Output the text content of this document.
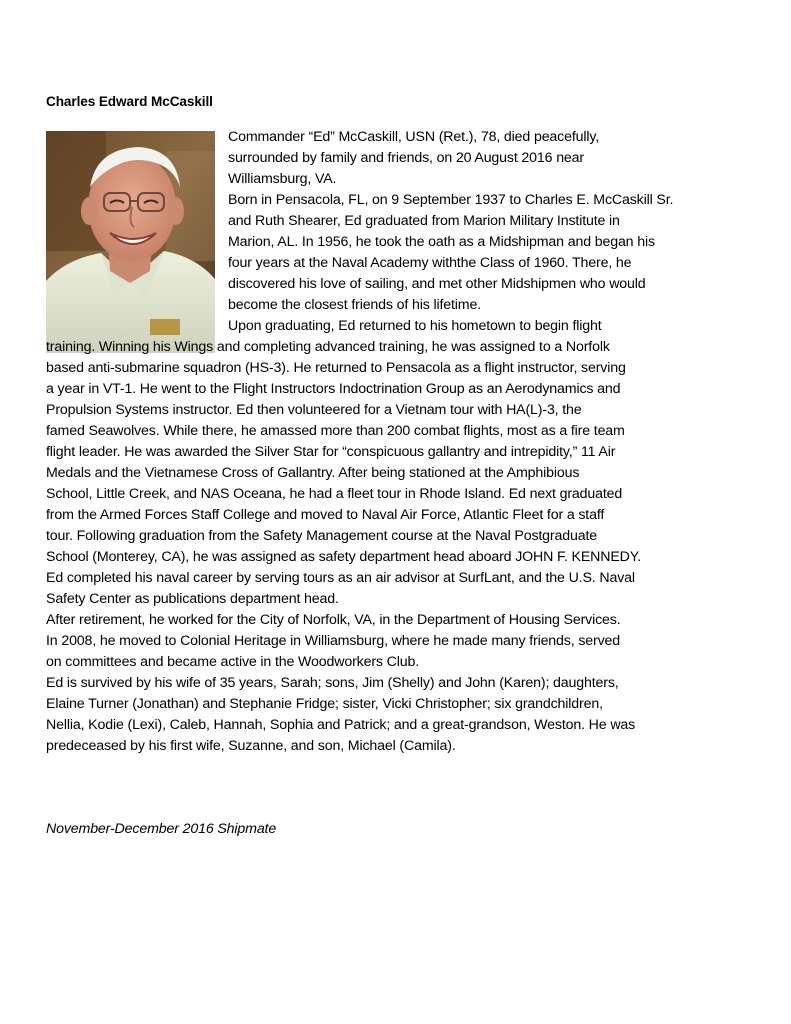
Charles Edward McCaskill

Commander “Ed” McCaskill, USN (Ret.), 78, died peacefully,
surrounded by family and friends, on 20 August 2016 near
Williamsburg, VA.
Born in Pensacola, FL, on 9 September 1937 to Charles E. McCaskill Sr.
and Ruth Shearer, Ed graduated from Marion Military Institute in
Marion, AL. In 1956, he took the oath as a Midshipman and began his
four years at the Naval Academy withthe Class of 1960. There, he
discovered his love of sailing, and met other Midshipmen who would
become the closest friends of his lifetime.
Upon graduating, Ed returned to his hometown to begin flight

training. Winning his Wings and completing advanced training, he was assigned to a Norfolk
based anti-submarine squadron (HS-3). He returned to Pensacola as a flight instructor, serving
a year in VT-1. He went to the Flight Instructors Indoctrination Group as an Aerodynamics and
Propulsion Systems instructor. Ed then volunteered for a Vietnam tour with HA(L)-3, the
famed Seawolves. While there, he amassed more than 200 combat flights, most as a fire team
flight leader. He was awarded the Silver Star for “conspicuous gallantry and intrepidity,” 11 Air
Medals and the Vietnamese Cross of Gallantry. After being stationed at the Amphibious
School, Little Creek, and NAS Oceana, he had a fleet tour in Rhode Island. Ed next graduated
from the Armed Forces Staff College and moved to Naval Air Force, Atlantic Fleet for a staff
tour. Following graduation from the Safety Management course at the Naval Postgraduate
School (Monterey, CA), he was assigned as safety department head aboard JOHN F. KENNEDY.
Ed completed his naval career by serving tours as an air advisor at SurfLant, and the U.S. Naval
Safety Center as publications department head.

After retirement, he worked for the City of Norfolk, VA, in the Department of Housing Services.
In 2008, he moved to Colonial Heritage in Williamsburg, where he made many friends, served
on committees and became active in the Woodworkers Club.

Ed is survived by his wife of 35 years, Sarah; sons, Jim (Shelly) and John (Karen); daughters,
Elaine Turner (Jonathan) and Stephanie Fridge; sister, Vicki Christopher; six grandchildren,
Nellia, Kodie (Lexi), Caleb, Hannah, Sophia and Patrick; and a great-grandson, Weston. He was
predeceased by his first wife, Suzanne, and son, Michael (Camila).

November-December 2016 Shipmate
